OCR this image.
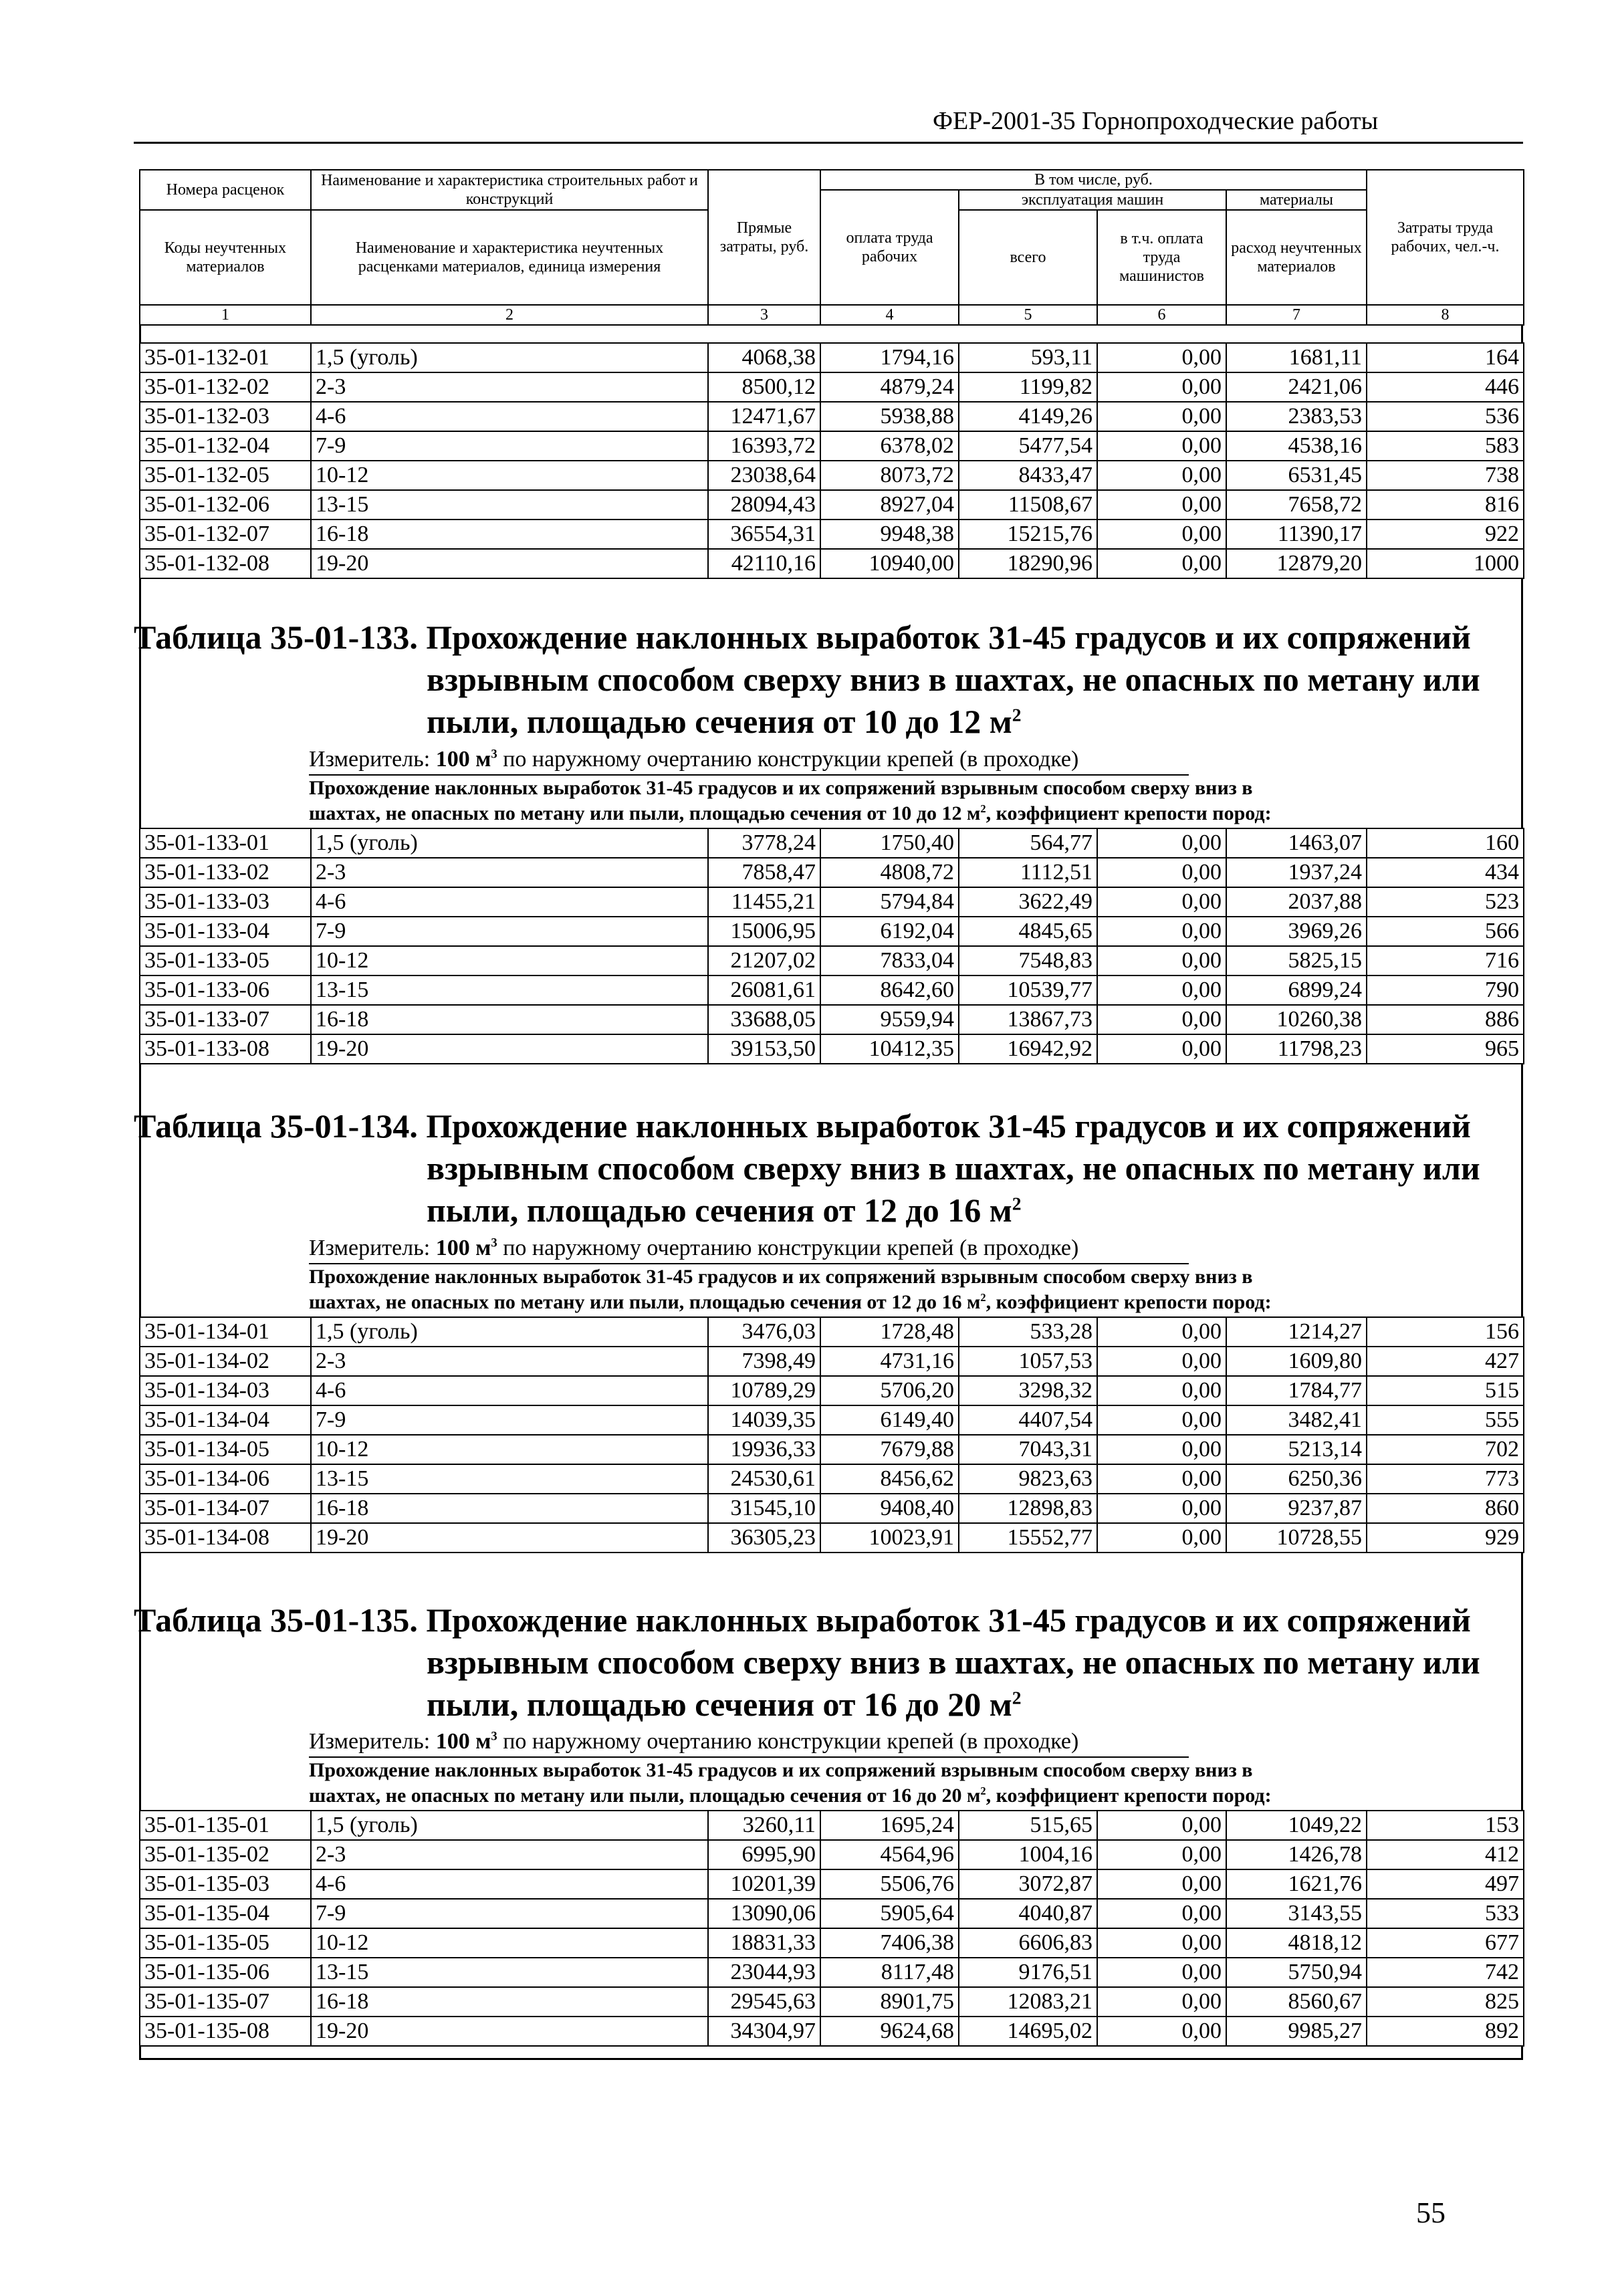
ФЕР-2001-35 Горнопроходческие работы
Номера расценок	Наименование и характеристика строительных работ и конструкций	Прямые затраты, руб.	В том числе, руб.				Затраты труда рабочих, чел.-ч.
			оплата труда рабочих	эксплуатация машин		материалы	
Коды неучтенных материалов	Наименование и характеристика неучтенных расценками материалов, единица измерения			всего	в т.ч. оплата труда машинистов	расход неучтенных материалов	

1	2	3	4	5	6	7	8
35-01-132-01	1,5 (уголь)	4068,38	1794,16	593,11	0,00	1681,11	164
35-01-132-02	2-3	8500,12	4879,24	1199,82	0,00	2421,06	446
35-01-132-03	4-6	12471,67	5938,88	4149,26	0,00	2383,53	536
35-01-132-04	7-9	16393,72	6378,02	5477,54	0,00	4538,16	583
35-01-132-05	10-12	23038,64	8073,72	8433,47	0,00	6531,45	738
35-01-132-06	13-15	28094,43	8927,04	11508,67	0,00	7658,72	816
35-01-132-07	16-18	36554,31	9948,38	15215,76	0,00	11390,17	922
35-01-132-08	19-20	42110,16	10940,00	18290,96	0,00	12879,20	1000
Таблица 35-01-133. Прохождение наклонных выработок 31-45 градусов и их сопряжений
взрывным способом сверху вниз в шахтах, не опасных по метану или
пыли, площадью сечения от 10 до 12 $м^2$
Измеритель: 100 $м^3$ по наружному очертанию конструкции крепей (в проходке)
Прохождение наклонных выработок 31-45 градусов и их сопряжений взрывным способом сверху вниз в
шахтах, не опасных по метану или пыли, площадью сечения от 10 до 12 $м^2$, коэффициент крепости пород:
35-01-133-01	1,5 (уголь)	3778,24	1750,40	564,77	0,00	1463,07	160
35-01-133-02	2-3	7858,47	4808,72	1112,51	0,00	1937,24	434
35-01-133-03	4-6	11455,21	5794,84	3622,49	0,00	2037,88	523
35-01-133-04	7-9	15006,95	6192,04	4845,65	0,00	3969,26	566
35-01-133-05	10-12	21207,02	7833,04	7548,83	0,00	5825,15	716
35-01-133-06	13-15	26081,61	8642,60	10539,77	0,00	6899,24	790
35-01-133-07	16-18	33688,05	9559,94	13867,73	0,00	10260,38	886
35-01-133-08	19-20	39153,50	10412,35	16942,92	0,00	11798,23	965
Таблица 35-01-134. Прохождение наклонных выработок 31-45 градусов и их сопряжений
взрывным способом сверху вниз в шахтах, не опасных по метану или
пыли, площадью сечения от 12 до 16 $м^2$
Измеритель: 100 $м^3$ по наружному очертанию конструкции крепей (в проходке)
Прохождение наклонных выработок 31-45 градусов и их сопряжений взрывным способом сверху вниз в
шахтах, не опасных по метану или пыли, площадью сечения от 12 до 16 $м^2$, коэффициент крепости пород:
35-01-134-01	1,5 (уголь)	3476,03	1728,48	533,28	0,00	1214,27	156
35-01-134-02	2-3	7398,49	4731,16	1057,53	0,00	1609,80	427
35-01-134-03	4-6	10789,29	5706,20	3298,32	0,00	1784,77	515
35-01-134-04	7-9	14039,35	6149,40	4407,54	0,00	3482,41	555
35-01-134-05	10-12	19936,33	7679,88	7043,31	0,00	5213,14	702
35-01-134-06	13-15	24530,61	8456,62	9823,63	0,00	6250,36	773
35-01-134-07	16-18	31545,10	9408,40	12898,83	0,00	9237,87	860
35-01-134-08	19-20	36305,23	10023,91	15552,77	0,00	10728,55	929
Таблица 35-01-135. Прохождение наклонных выработок 31-45 градусов и их сопряжений
взрывным способом сверху вниз в шахтах, не опасных по метану или
пыли, площадью сечения от 16 до 20 $м^2$
Измеритель: 100 $м^3$ по наружному очертанию конструкции крепей (в проходке)
Прохождение наклонных выработок 31-45 градусов и их сопряжений взрывным способом сверху вниз в
шахтах, не опасных по метану или пыли, площадью сечения от 16 до 20 $м^2$, коэффициент крепости пород:
35-01-135-01	1,5 (уголь)	3260,11	1695,24	515,65	0,00	1049,22	153
35-01-135-02	2-3	6995,90	4564,96	1004,16	0,00	1426,78	412
35-01-135-03	4-6	10201,39	5506,76	3072,87	0,00	1621,76	497
35-01-135-04	7-9	13090,06	5905,64	4040,87	0,00	3143,55	533
35-01-135-05	10-12	18831,33	7406,38	6606,83	0,00	4818,12	677
35-01-135-06	13-15	23044,93	8117,48	9176,51	0,00	5750,94	742
35-01-135-07	16-18	29545,63	8901,75	12083,21	0,00	8560,67	825
35-01-135-08	19-20	34304,97	9624,68	14695,02	0,00	9985,27	892
55
